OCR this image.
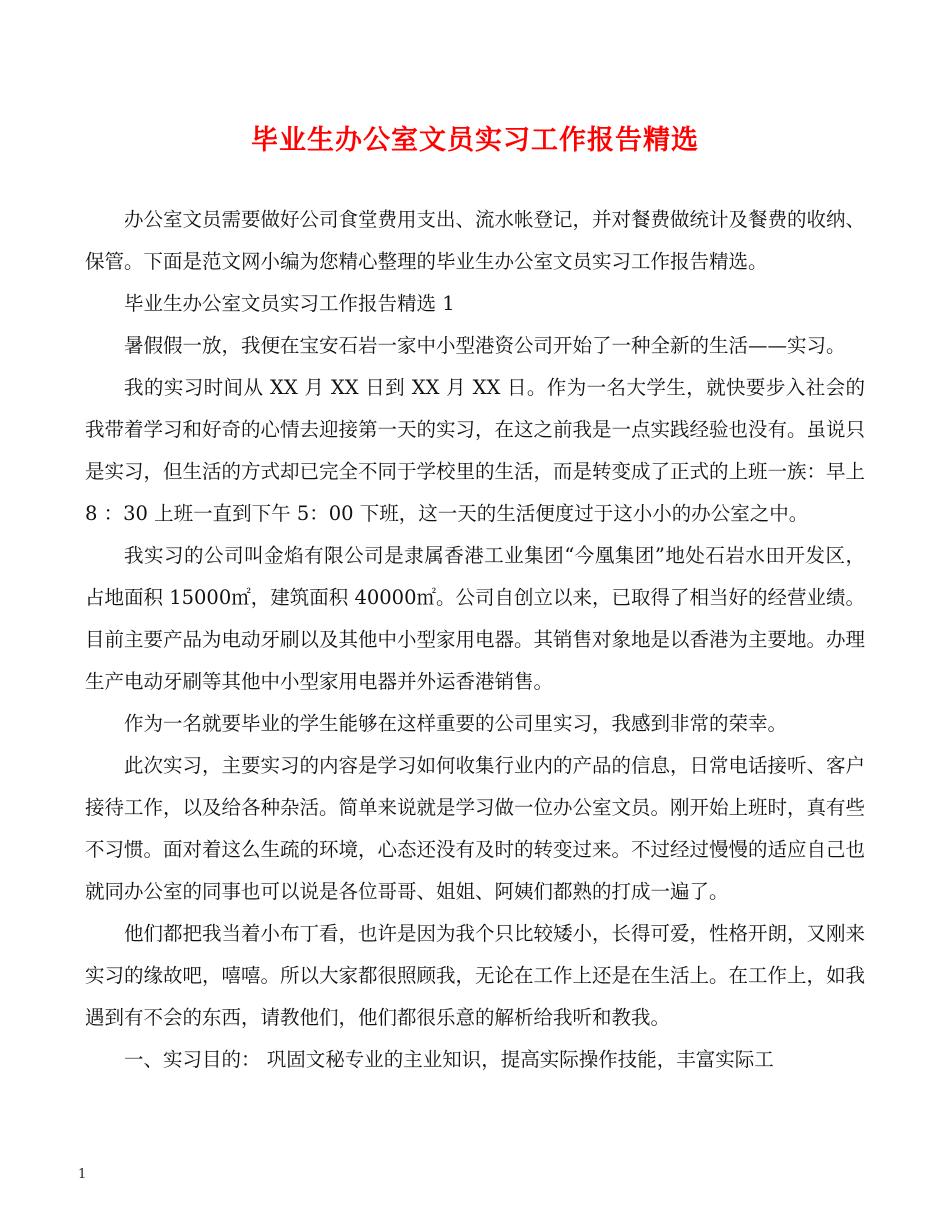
毕业生办公室文员实习工作报告精选

办公室文员需要做好公司食堂费用支出、流水帐登记，并对餐费做统计及餐费的收纳、保管。下面是范文网小编为您精心整理的毕业生办公室文员实习工作报告精选。

毕业生办公室文员实习工作报告精选 1

暑假假一放，我便在宝安石岩一家中小型港资公司开始了一种全新的生活——实习。

我的实习时间从 XX 月 XX 日到 XX 月 XX 日。作为一名大学生，就快要步入社会的我带着学习和好奇的心情去迎接第一天的实习，在这之前我是一点实践经验也没有。虽说只是实习，但生活的方式却已完全不同于学校里的生活，而是转变成了正式的上班一族：早上 8 ：30 上班一直到下午 5：00 下班，这一天的生活便度过于这小小的办公室之中。

我实习的公司叫金焰有限公司是隶属香港工业集团“今凰集团”地处石岩水田开发区，占地面积 15000㎡，建筑面积 40000㎡。公司自创立以来，已取得了相当好的经营业绩。目前主要产品为电动牙刷以及其他中小型家用电器。其销售对象地是以香港为主要地。办理生产电动牙刷等其他中小型家用电器并外运香港销售。

作为一名就要毕业的学生能够在这样重要的公司里实习，我感到非常的荣幸。

此次实习，主要实习的内容是学习如何收集行业内的产品的信息，日常电话接听、客户接待工作，以及给各种杂活。简单来说就是学习做一位办公室文员。刚开始上班时，真有些不习惯。面对着这么生疏的环境，心态还没有及时的转变过来。不过经过慢慢的适应自己也就同办公室的同事也可以说是各位哥哥、姐姐、阿姨们都熟的打成一遍了。

他们都把我当着小布丁看，也许是因为我个只比较矮小，长得可爱，性格开朗，又刚来实习的缘故吧，嘻嘻。所以大家都很照顾我，无论在工作上还是在生活上。在工作上，如我遇到有不会的东西，请教他们，他们都很乐意的解析给我听和教我。

一、实习目的： 巩固文秘专业的主业知识，提高实际操作技能，丰富实际工

1
